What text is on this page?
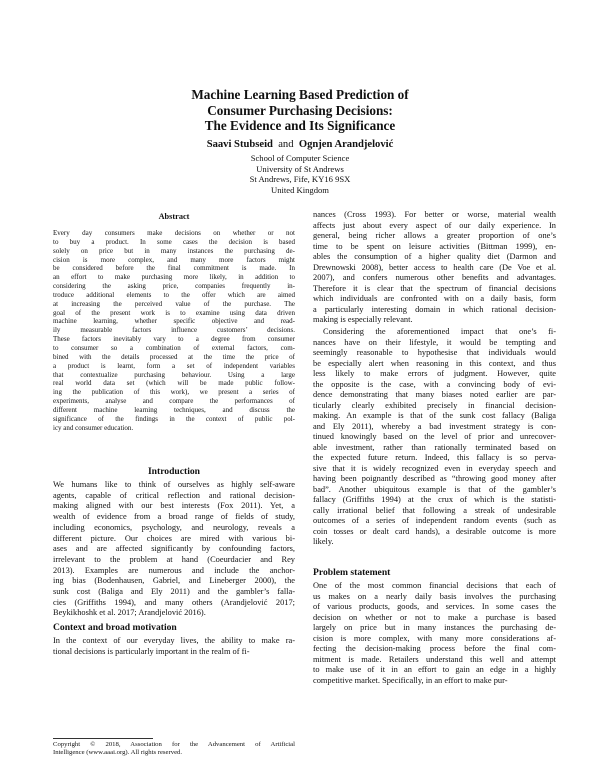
Machine Learning Based Prediction of
Consumer Purchasing Decisions:
The Evidence and Its Significance
Saavi Stubseid and Ognjen Arandjelović
School of Computer Science
University of St Andrews
St Andrews, Fife, KY16 9SX
United Kingdom
Abstract
Every day consumers make decisions on whether or not
to buy a product. In some cases the decision is based
solely on price but in many instances the purchasing de-
cision is more complex, and many more factors might
be considered before the final commitment is made. In
an effort to make purchasing more likely, in addition to
considering the asking price, companies frequently in-
troduce additional elements to the offer which are aimed
at increasing the perceived value of the purchase. The
goal of the present work is to examine using data driven
machine learning, whether specific objective and read-
ily measurable factors influence customers’ decisions.
These factors inevitably vary to a degree from consumer
to consumer so a combination of external factors, com-
bined with the details processed at the time the price of
a product is learnt, form a set of independent variables
that contextualize purchasing behaviour. Using a large
real world data set (which will be made public follow-
ing the publication of this work), we present a series of
experiments, analyse and compare the performances of
different machine learning techniques, and discuss the
significance of the findings in the context of public pol-
icy and consumer education.
Introduction
We humans like to think of ourselves as highly self-aware
agents, capable of critical reflection and rational decision-
making aligned with our best interests (Fox 2011). Yet, a
wealth of evidence from a broad range of fields of study,
including economics, psychology, and neurology, reveals a
different picture. Our choices are mired with various bi-
ases and are affected significantly by confounding factors,
irrelevant to the problem at hand (Coeurdacier and Rey
2013). Examples are numerous and include the anchor-
ing bias (Bodenhausen, Gabriel, and Lineberger 2000), the
sunk cost (Baliga and Ely 2011) and the gambler’s falla-
cies (Griffiths 1994), and many others (Arandjelović 2017;
Beykikhoshk et al. 2017; Arandjelović 2016).
Context and broad motivation
In the context of our everyday lives, the ability to make ra-
tional decisions is particularly important in the realm of fi-
Copyright © 2018, Association for the Advancement of Artificial
Intelligence (www.aaai.org). All rights reserved.
nances (Cross 1993). For better or worse, material wealth
affects just about every aspect of our daily experience. In
general, being richer allows a greater proportion of one’s
time to be spent on leisure activities (Bittman 1999), en-
ables the consumption of a higher quality diet (Darmon and
Drewnowski 2008), better access to health care (De Voe et al.
2007), and confers numerous other benefits and advantages.
Therefore it is clear that the spectrum of financial decisions
which individuals are confronted with on a daily basis, form
a particularly interesting domain in which rational decision-
making is especially relevant.
Considering the aforementioned impact that one’s fi-
nances have on their lifestyle, it would be tempting and
seemingly reasonable to hypothesise that individuals would
be especially alert when reasoning in this context, and thus
less likely to make errors of judgment. However, quite
the opposite is the case, with a convincing body of evi-
dence demonstrating that many biases noted earlier are par-
ticularly clearly exhibited precisely in financial decision-
making. An example is that of the sunk cost fallacy (Baliga
and Ely 2011), whereby a bad investment strategy is con-
tinued knowingly based on the level of prior and unrecover-
able investment, rather than rationally terminated based on
the expected future return. Indeed, this fallacy is so perva-
sive that it is widely recognized even in everyday speech and
having been poignantly described as “throwing good money after
bad”. Another ubiquitous example is that of the gambler’s
fallacy (Griffiths 1994) at the crux of which is the statisti-
cally irrational belief that following a streak of undesirable
outcomes of a series of independent random events (such as
coin tosses or dealt card hands), a desirable outcome is more
likely.
Problem statement
One of the most common financial decisions that each of
us makes on a nearly daily basis involves the purchasing
of various products, goods, and services. In some cases the
decision on whether or not to make a purchase is based
largely on price but in many instances the purchasing de-
cision is more complex, with many more considerations af-
fecting the decision-making process before the final com-
mitment is made. Retailers understand this well and attempt
to make use of it in an effort to gain an edge in a highly
competitive market. Specifically, in an effort to make pur-
